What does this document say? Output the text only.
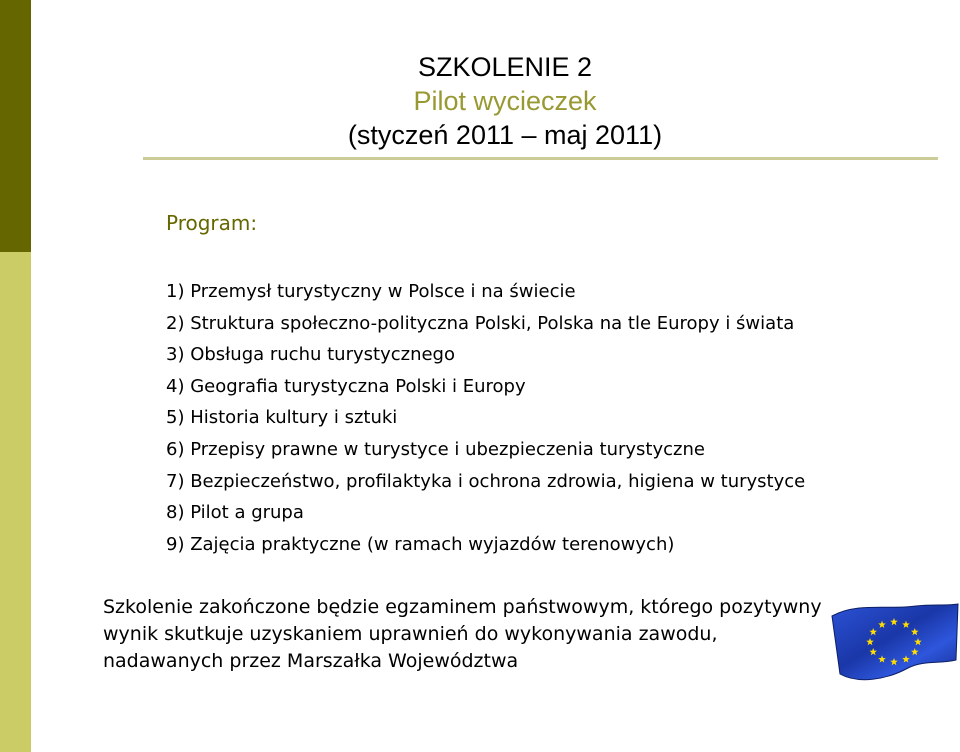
SZKOLENIE 2
Pilot wycieczek
(styczeń 2011 – maj 2011)
Program:
1) Przemysł turystyczny w Polsce i na świecie
2) Struktura społeczno-polityczna Polski, Polska na tle Europy i świata
3) Obsługa ruchu turystycznego
4) Geografia turystyczna Polski i Europy
5) Historia kultury i sztuki
6) Przepisy prawne w turystyce i ubezpieczenia turystyczne
7) Bezpieczeństwo, profilaktyka i ochrona zdrowia, higiena w turystyce
8) Pilot a grupa
9) Zajęcia praktyczne (w ramach wyjazdów terenowych)
Szkolenie zakończone będzie egzaminem państwowym, którego pozytywny
wynik skutkuje uzyskaniem uprawnień do wykonywania zawodu,
nadawanych przez Marszałka Województwa
